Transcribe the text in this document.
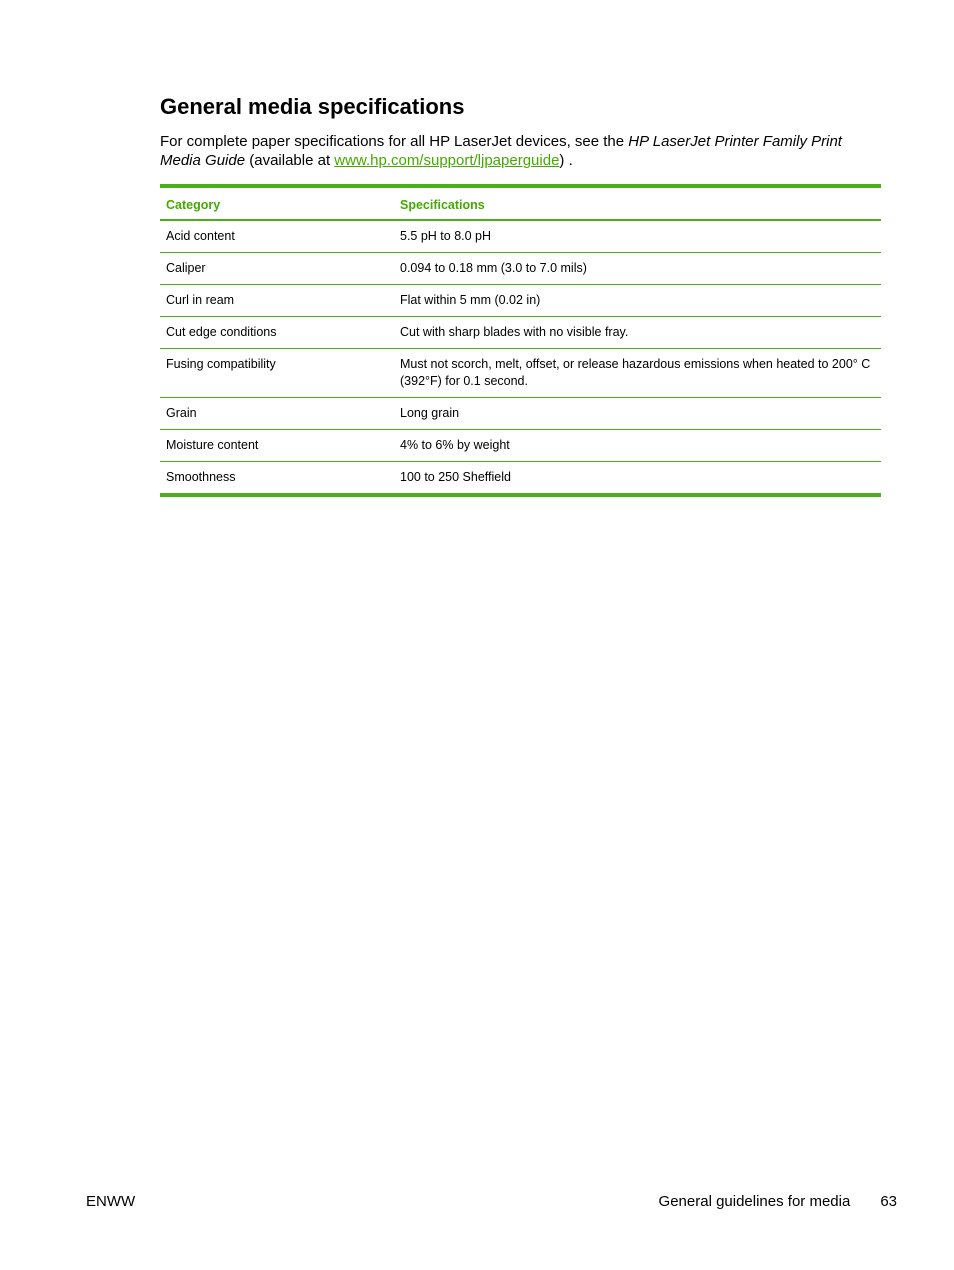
General media specifications

For complete paper specifications for all HP LaserJet devices, see the HP LaserJet Printer Family Print Media Guide (available at www.hp.com/support/ljpaperguide) .

Category	Specifications
Acid content	5.5 pH to 8.0 pH
Caliper	0.094 to 0.18 mm (3.0 to 7.0 mils)
Curl in ream	Flat within 5 mm (0.02 in)
Cut edge conditions	Cut with sharp blades with no visible fray.
Fusing compatibility	Must not scorch, melt, offset, or release hazardous emissions when heated to 200° C (392°F) for 0.1 second.
Grain	Long grain
Moisture content	4% to 6% by weight
Smoothness	100 to 250 Sheffield
ENWW	General guidelines for media 63
